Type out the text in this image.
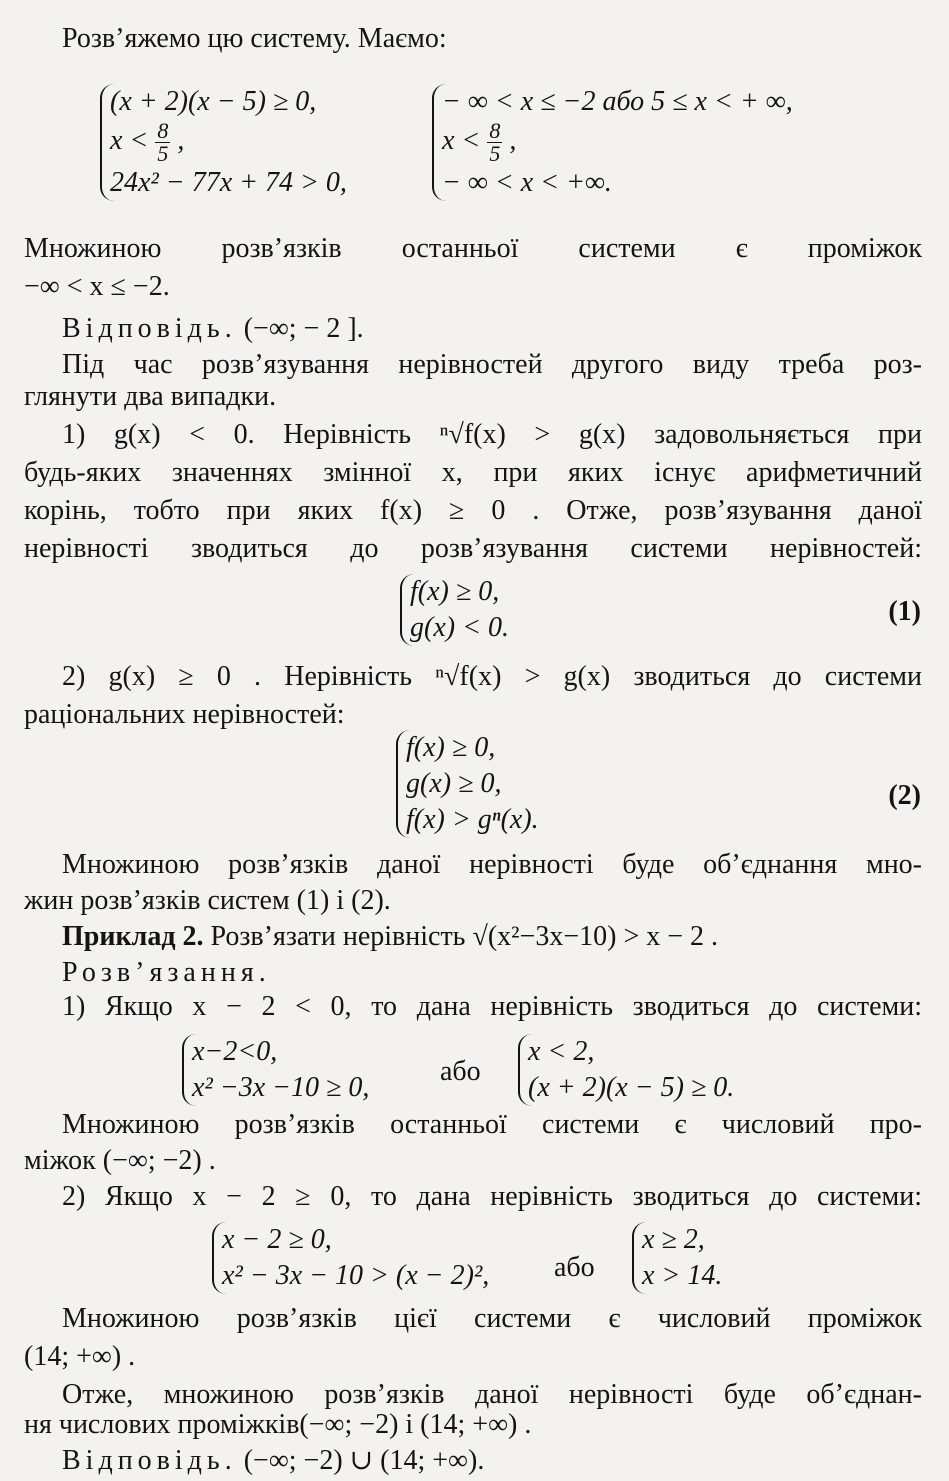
Розв’яжемо цю систему. Маємо:
(x + 2)(x − 5) ≥ 0,
$x < \frac{8}{5}$ ,
24x² − 77x + 74 > 0,
− ∞ < x ≤ −2 або 5 ≤ x < + ∞,
$x < \frac{8}{5}$ ,
− ∞ < x < +∞.
Множиною розв’язків останньої системи є проміжок
−∞ < x ≤ −2.
Відповідь. (−∞; − 2 ].
Під час розв’язування нерівностей другого виду треба роз-
глянути два випадки.
1) g(x) < 0. Нерівність ⁿ√f(x) > g(x) задовольняється при
будь-яких значеннях змінної x, при яких існує арифметичний
корінь, тобто при яких f(x) ≥ 0 . Отже, розв’язування даної
нерівності зводиться до розв’язування системи нерівностей:
f(x) ≥ 0,
g(x) < 0.
(1)
2) g(x) ≥ 0 . Нерівність ⁿ√f(x) > g(x) зводиться до системи
раціональних нерівностей:
f(x) ≥ 0,
g(x) ≥ 0,
f(x) > gⁿ(x).
(2)
Множиною розв’язків даної нерівності буде об’єднання мно-
жин розв’язків систем (1) і (2).
Приклад 2. Розв’язати нерівність √(x²−3x−10) > x − 2 .
Розв’язання.
1) Якщо x − 2 < 0, то дана нерівність зводиться до системи:
x−2<0,
x² −3x −10 ≥ 0,
або
x < 2,
(x + 2)(x − 5) ≥ 0.
Множиною розв’язків останньої системи є числовий про-
міжок (−∞; −2) .
2) Якщо x − 2 ≥ 0, то дана нерівність зводиться до системи:
x − 2 ≥ 0,
x² − 3x − 10 > (x − 2)², або
x ≥ 2,
x > 14.
Множиною розв’язків цієї системи є числовий проміжок
(14; +∞) .
Отже, множиною розв’язків даної нерівності буде об’єднан-
ня числових проміжків(−∞; −2) і (14; +∞) .
Відповідь. (−∞; −2) ∪ (14; +∞).
